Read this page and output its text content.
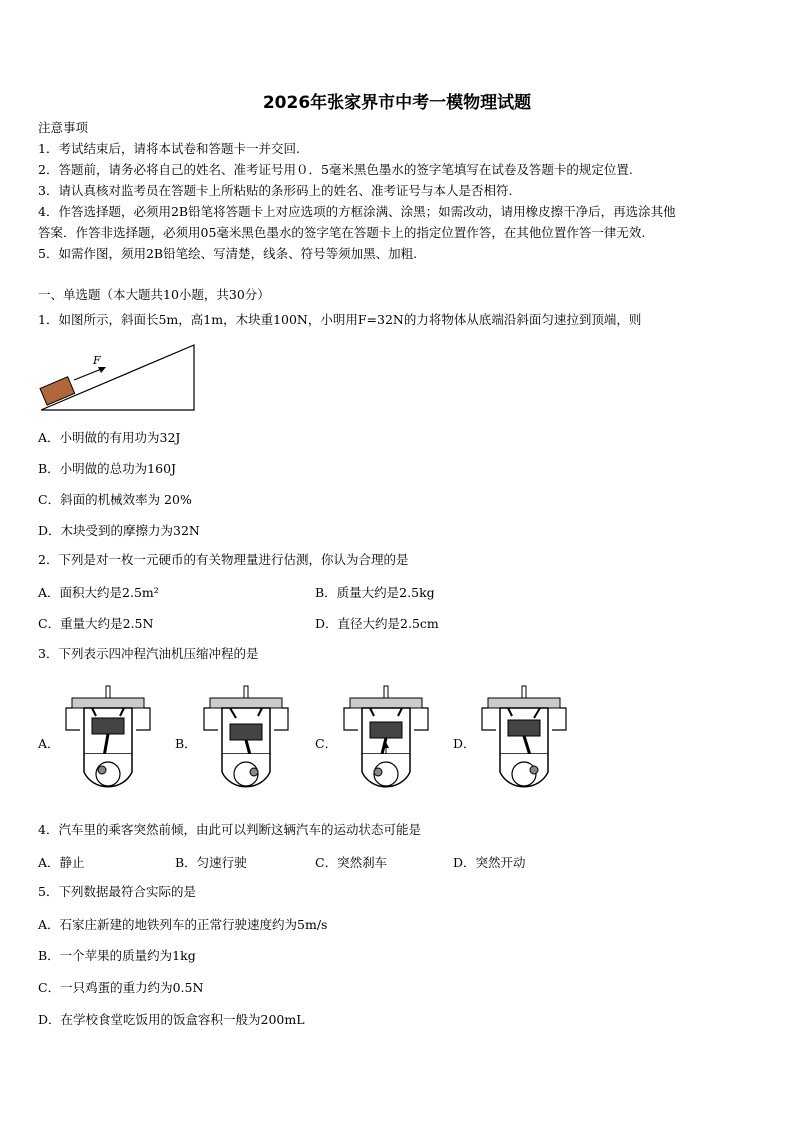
2026年张家界市中考一模物理试题
注意事项
1．考试结束后，请将本试卷和答题卡一并交回.
2．答题前，请务必将自己的姓名、准考证号用０．5毫米黑色墨水的签字笔填写在试卷及答题卡的规定位置.
3．请认真核对监考员在答题卡上所粘贴的条形码上的姓名、准考证号与本人是否相符.
4．作答选择题，必须用2B铅笔将答题卡上对应选项的方框涂满、涂黑；如需改动，请用橡皮擦干净后，再选涂其他
答案．作答非选择题，必须用05毫米黑色墨水的签字笔在答题卡上的指定位置作答，在其他位置作答一律无效.
5．如需作图，须用2B铅笔绘、写清楚，线条、符号等须加黑、加粗.
一、单选题（本大题共10小题，共30分）
1．如图所示，斜面长5m，高1m，木块重100N，小明用F=32N的力将物体从底端沿斜面匀速拉到顶端，则
F
A．小明做的有用功为32J
B．小明做的总功为160J
C．斜面的机械效率为 20%
D．木块受到的摩擦力为32N
2．下列是对一枚一元硬币的有关物理量进行估测，你认为合理的是
A．面积大约是2.5m²	B．质量大约是2.5kg
C．重量大约是2.5N	D．直径大约是2.5cm
3．下列表示四冲程汽油机压缩冲程的是
A．	B．	C．	D．
4．汽车里的乘客突然前倾，由此可以判断这辆汽车的运动状态可能是
A．静止	B．匀速行驶	C．突然刹车	D．突然开动
5．下列数据最符合实际的是
A．石家庄新建的地铁列车的正常行驶速度约为5m/s
B．一个苹果的质量约为1kg
C．一只鸡蛋的重力约为0.5N
D．在学校食堂吃饭用的饭盒容积一般为200mL
